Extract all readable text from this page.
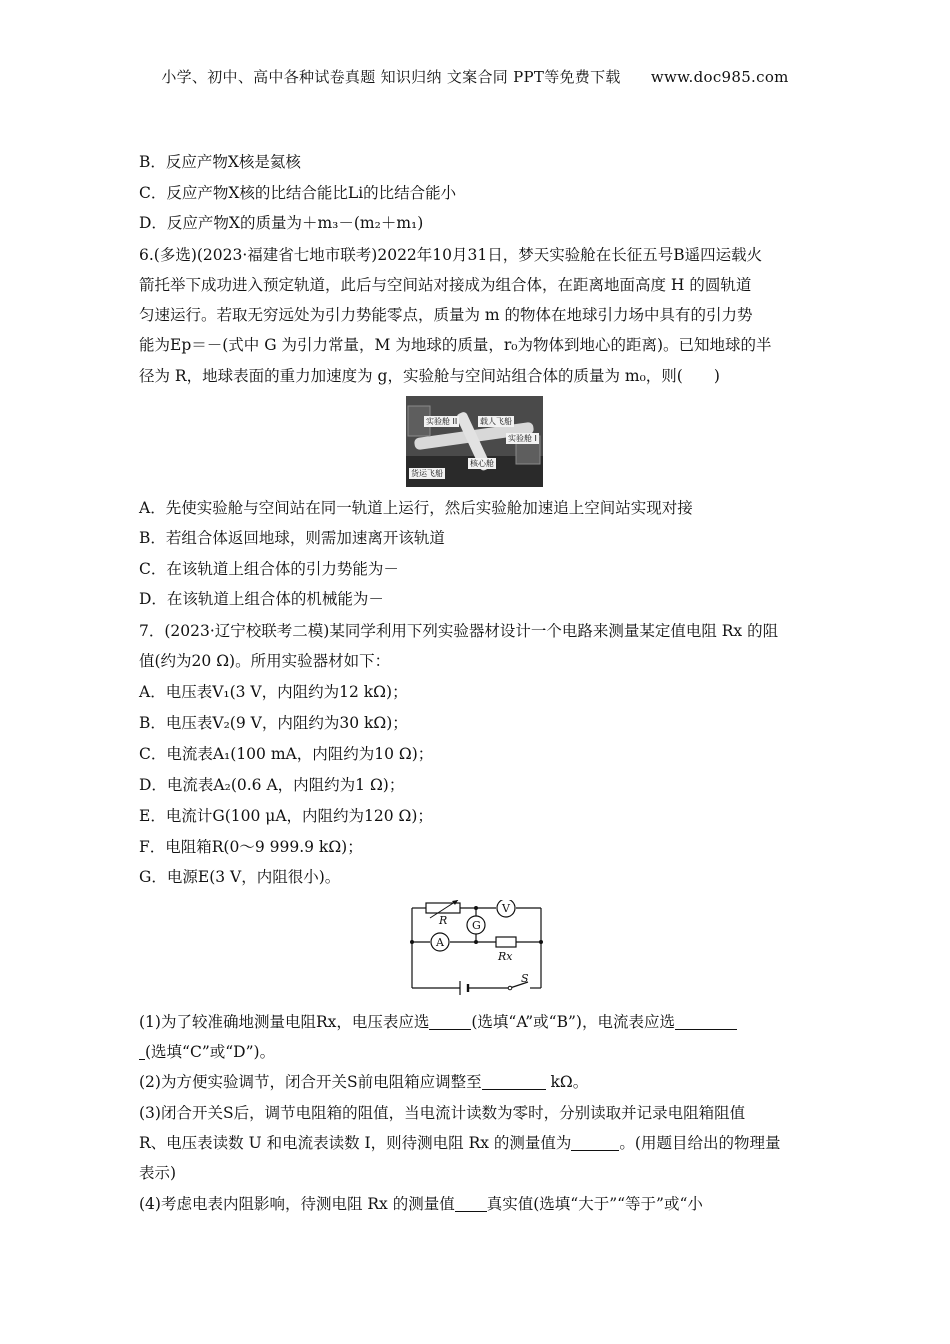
小学、初中、高中各种试卷真题 知识归纳 文案合同 PPT等免费下载 www.doc985.com
B．反应产物X核是氦核
C．反应产物X核的比结合能比Li的比结合能小
D．反应产物X的质量为＋m₃－(m₂＋m₁)
6.(多选)(2023·福建省七地市联考)2022年10月31日，梦天实验舱在长征五号B遥四运载火
箭托举下成功进入预定轨道，此后与空间站对接成为组合体，在距离地面高度 H 的圆轨道
匀速运行。若取无穷远处为引力势能零点，质量为 m 的物体在地球引力场中具有的引力势
能为Ep＝－(式中 G 为引力常量，M 为地球的质量，r₀为物体到地心的距离)。已知地球的半
径为 R，地球表面的重力加速度为 g，实验舱与空间站组合体的质量为 m₀，则(　　)
实验舱 II	载人飞船
实验舱 I
货运飞船
核心舱
A．先使实验舱与空间站在同一轨道上运行，然后实验舱加速追上空间站实现对接
B．若组合体返回地球，则需加速离开该轨道
C．在该轨道上组合体的引力势能为－
D．在该轨道上组合体的机械能为－
7．(2023·辽宁校联考二模)某同学利用下列实验器材设计一个电路来测量某定值电阻 Rx 的阻
值(约为20 Ω)。所用实验器材如下：
A．电压表V₁(3 V，内阻约为12 kΩ)；
B．电压表V₂(9 V，内阻约为30 kΩ)；
C．电流表A₁(100 mA，内阻约为10 Ω)；
D．电流表A₂(0.6 A，内阻约为1 Ω)；
E．电流计G(100 μA，内阻约为120 Ω)；
F．电阻箱R(0～9 999.9 kΩ)；
G．电源E(3 V，内阻很小)。
R G
V
A
Rx
S
(1)为了较准确地测量电阻Rx，电压表应选	(选填“A”或“B”)，电流表应选
(选填“C”或“D”)。
(2)为方便实验调节，闭合开关S前电阻箱应调整至	kΩ。
(3)闭合开关S后，调节电阻箱的阻值，当电流计读数为零时，分别读取并记录电阻箱阻值
R、电压表读数 U 和电流表读数 I，则待测电阻 Rx 的测量值为	。(用题目给出的物理量
表示)
(4)考虑电表内阻影响，待测电阻 Rx 的测量值 真实值(选填“大于”“等于”或“小
